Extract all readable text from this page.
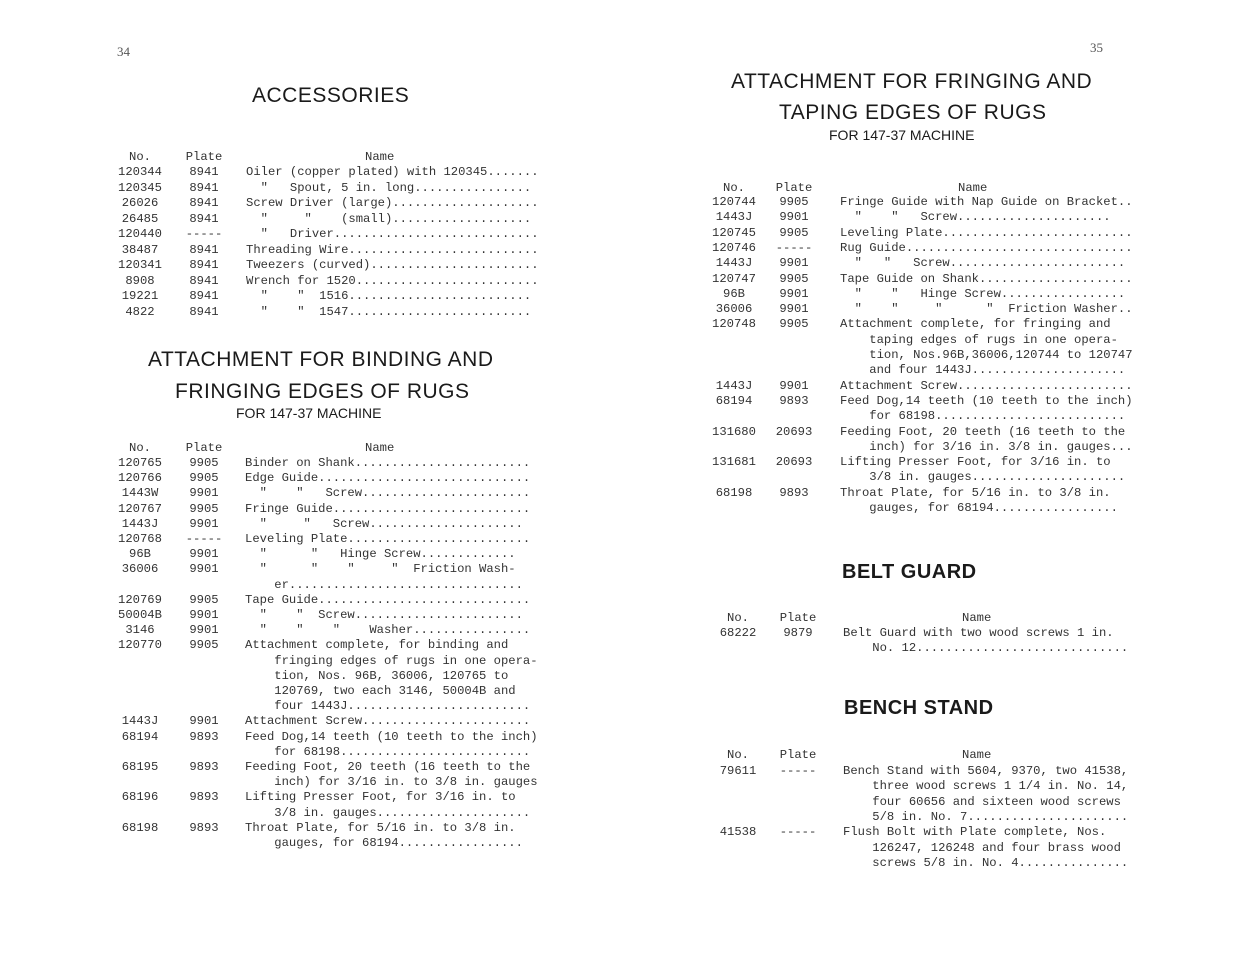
34
ACCESSORIES
ATTACHMENT FOR BINDING AND
FRINGING EDGES OF RUGS
FOR 147-37 MACHINE
35
ATTACHMENT FOR FRINGING AND
TAPING EDGES OF RUGS
FOR 147-37 MACHINE
BELT GUARD
BENCH STAND
No.	Plate	Name
120344	8941	Oiler (copper plated) with 120345.......
120345	8941	"   Spout, 5 in. long................
26026	8941	Screw Driver (large)....................
26485	8941	"     "    (small)...................
120440	-----	"   Driver............................
38487	8941	Threading Wire..........................
120341	8941	Tweezers (curved).......................
8908	8941	Wrench for 1520.........................
19221	8941	"    "  1516.........................
4822	8941	"    "  1547.........................
No.	Plate	Name
120765	9905	Binder on Shank........................
120766	9905	Edge Guide.............................
1443W	9901	"    "   Screw.......................
120767	9905	Fringe Guide...........................
1443J	9901	"     "   Screw.....................
120768	-----	Leveling Plate.........................
96B	9901	"      "   Hinge Screw.............
36006	9901	"      "    "     "  Friction Wash-
er................................
120769	9905	Tape Guide.............................
50004B	9901	"    "  Screw.......................
3146	9901	"    "    "    Washer................
120770	9905	Attachment complete, for binding and
fringing edges of rugs in one opera-
tion, Nos. 96B, 36006, 120765 to
120769, two each 3146, 50004B and
four 1443J.........................
1443J	9901	Attachment Screw.......................
68194	9893	Feed Dog,14 teeth (10 teeth to the inch)
for 68198..........................
68195	9893	Feeding Foot, 20 teeth (16 teeth to the
inch) for 3/16 in. to 3/8 in. gauges
68196	9893	Lifting Presser Foot, for 3/16 in. to
3/8 in. gauges.....................
68198	9893	Throat Plate, for 5/16 in. to 3/8 in.
gauges, for 68194.................
No.	Plate	Name
120744	9905	Fringe Guide with Nap Guide on Bracket..
1443J	9901	"    "   Screw.....................
120745	9905	Leveling Plate..........................
120746	-----	Rug Guide...............................
1443J	9901	"   "   Screw........................
120747	9905	Tape Guide on Shank.....................
96B	9901	"    "   Hinge Screw.................
36006	9901	"    "     "      "  Friction Washer..
120748	9905	Attachment complete, for fringing and
taping edges of rugs in one opera-
tion, Nos.96B,36006,120744 to 120747
and four 1443J.....................
1443J	9901	Attachment Screw........................
68194	9893	Feed Dog,14 teeth (10 teeth to the inch)
for 68198..........................
131680	20693	Feeding Foot, 20 teeth (16 teeth to the
inch) for 3/16 in. 3/8 in. gauges...
131681	20693	Lifting Presser Foot, for 3/16 in. to
3/8 in. gauges.....................
68198	9893	Throat Plate, for 5/16 in. to 3/8 in.
gauges, for 68194.................
No.	Plate	Name
68222	9879	Belt Guard with two wood screws 1 in.
No. 12.............................
No.	Plate	Name
79611	-----	Bench Stand with 5604, 9370, two 41538,
three wood screws 1 1/4 in. No. 14,
four 60656 and sixteen wood screws
5/8 in. No. 7......................
41538	-----	Flush Bolt with Plate complete, Nos.
126247, 126248 and four brass wood
screws 5/8 in. No. 4...............
